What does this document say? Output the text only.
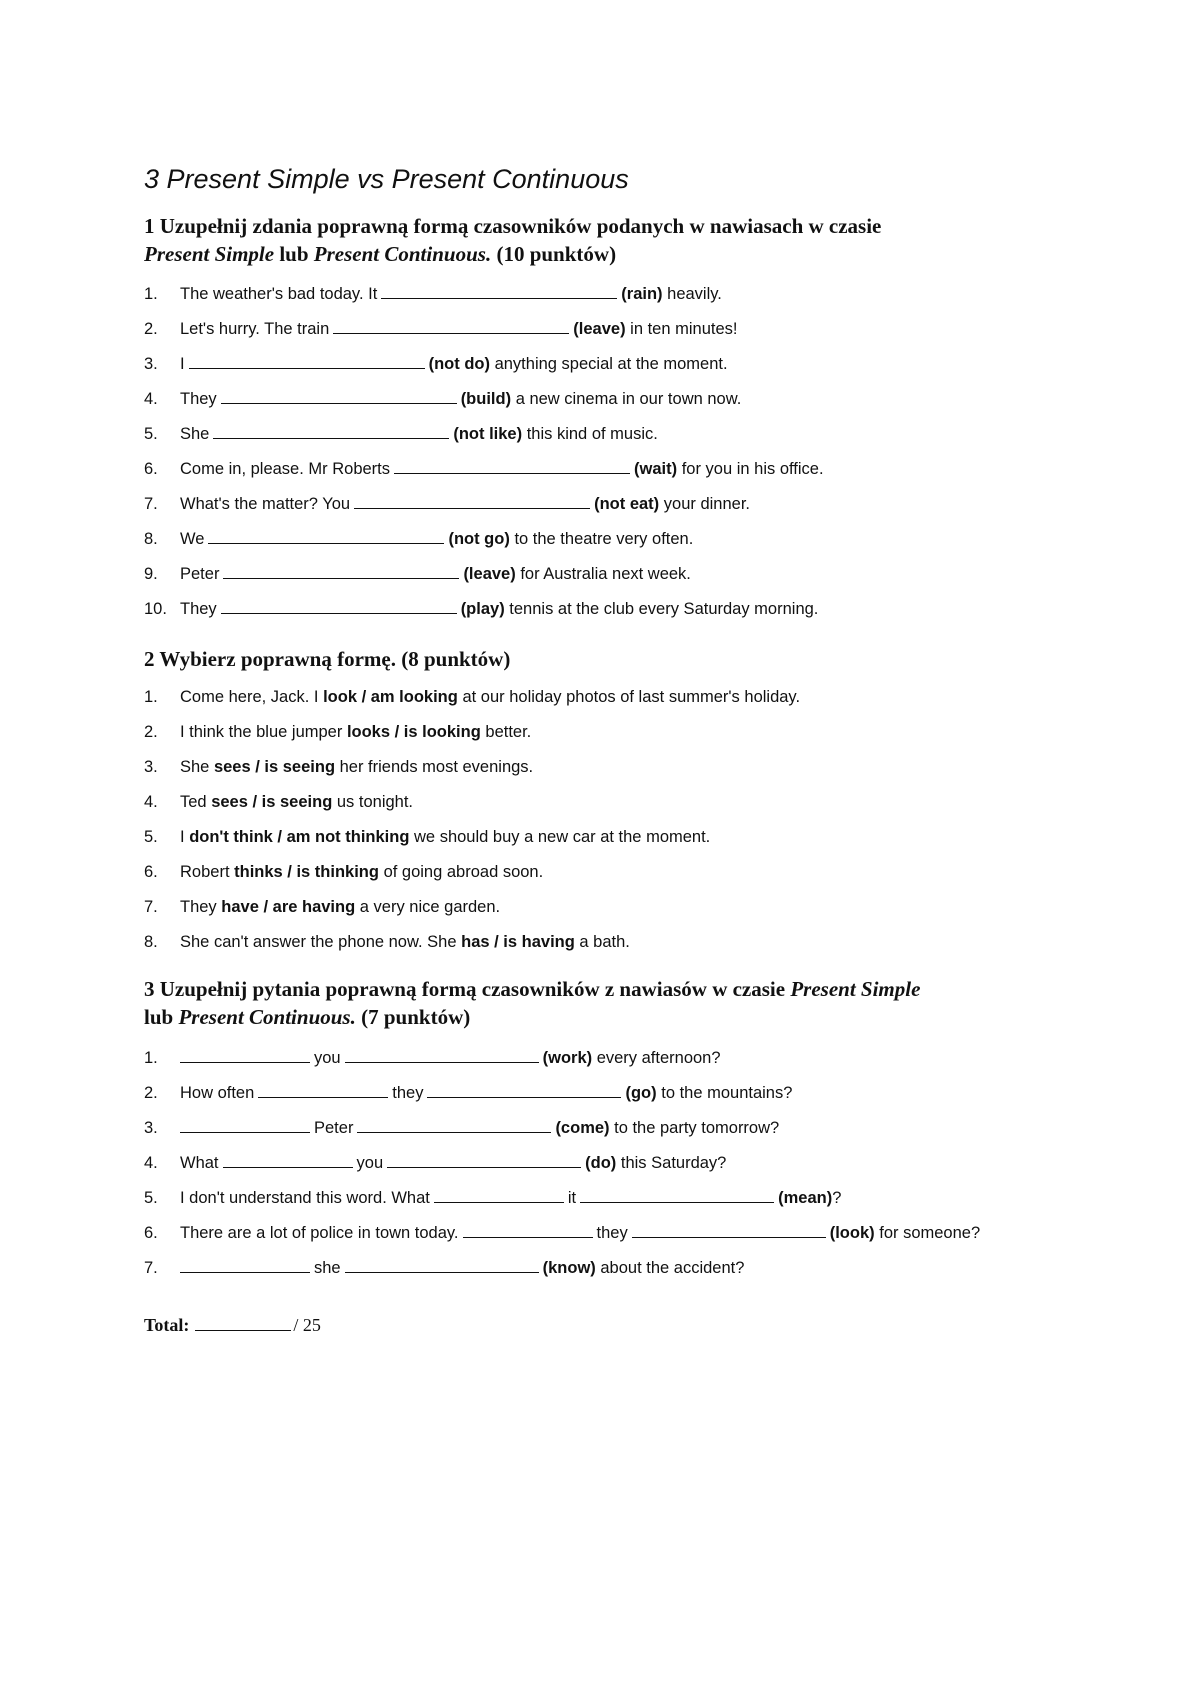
3 Present Simple vs Present Continuous

1 Uzupełnij zdania poprawną formą czasowników podanych w nawiasach w czasie
Present Simple lub Present Continuous. (10 punktów)

1. The weather's bad today. It	(rain) heavily.
2. Let's hurry. The train	(leave) in ten minutes!
3. I	(not do) anything special at the moment.
4. They	(build) a new cinema in our town now.
5. She	(not like) this kind of music.
6. Come in, please. Mr Roberts	(wait) for you in his office.
7. What's the matter? You	(not eat) your dinner.
8. We	(not go) to the theatre very often.
9. Peter	(leave) for Australia next week.
10. They	(play) tennis at the club every Saturday morning.

2 Wybierz poprawną formę. (8 punktów)

1. Come here, Jack. I look / am looking at our holiday photos of last summer's holiday.
2. I think the blue jumper looks / is looking better.
3. She sees / is seeing her friends most evenings.
4. Ted sees / is seeing us tonight.
5. I don't think / am not thinking we should buy a new car at the moment.
6. Robert thinks / is thinking of going abroad soon.
7. They have / are having a very nice garden.
8. She can't answer the phone now. She has / is having a bath.

3 Uzupełnij pytania poprawną formą czasowników z nawiasów w czasie Present Simple
lub Present Continuous. (7 punktów)

1.	you	(work) every afternoon?
2. How often	they	(go) to the mountains?
3.	Peter	(come) to the party tomorrow?
4. What	you	(do) this Saturday?
5. I don't understand this word. What	it	(mean)?
6. There are a lot of police in town today.	they	(look) for someone?
7.	she	(know) about the accident?
Total:	/ 25
